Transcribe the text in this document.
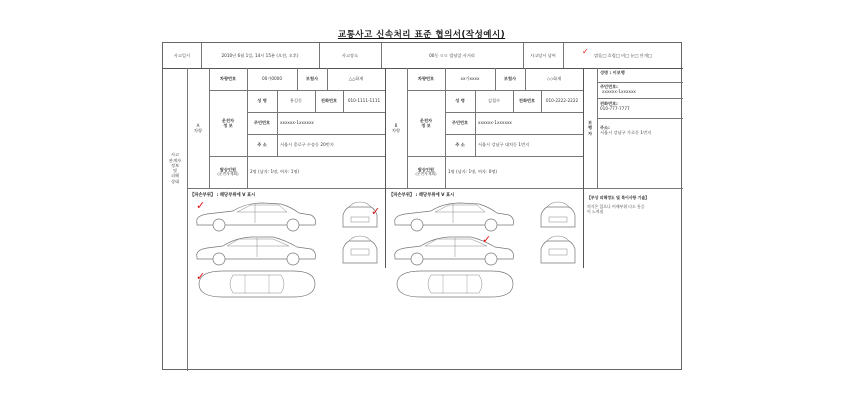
교통사고 신속처리 표준 협의서(작성예시)
사고일시	2010년 6월 1일, 14시 15분 (오전, 오후)	사고장소	00동 ㅁㅁ 빌딩앞 사거리	사고당시 날씨	맑음□ 흐림□ 비□ 눈□ 안개□
✓
사고
관계자
정보
및
피해
상태
A
차량
차량번호	00가0000	보험사	△△화재
운전자
정 보
성 명	홍길동	전화번호	010-1111-1111
주민번호	xxxxxx-1xxxxxx
주 소	서울시 종로구 수송동 20번지
탑승인원
(운전자제외)	2명 (남자: 1명, 여자: 1명)
【파손부위】 : 해당부위에 V 표시
✓	✓
✓
B
차량
차량번호	xx가xxxx	보험사	◇◇화재
운전자
정 보
성 명	김철수	전화번호	010-2222-2222
주민번호	xxxxxx-1xxxxxx
주 소	서울시 강남구 대치동 1번지
탑승인원
(운전자제외)	1명 (남자: 1명, 여자: 0명)
【파손부위】 : 해당부위에 V 표시
✓
보
행
자
성명 : 이보행
주민번호:
xxxxxx-1xxxxxx
전화번호:
010-777-7777
주소:
서울시 강남구 가로동 1번지
【부상 피해정도 및 특이사항 기술】
의식은 있으나 어깨부위 다소 통증이 느껴짐
